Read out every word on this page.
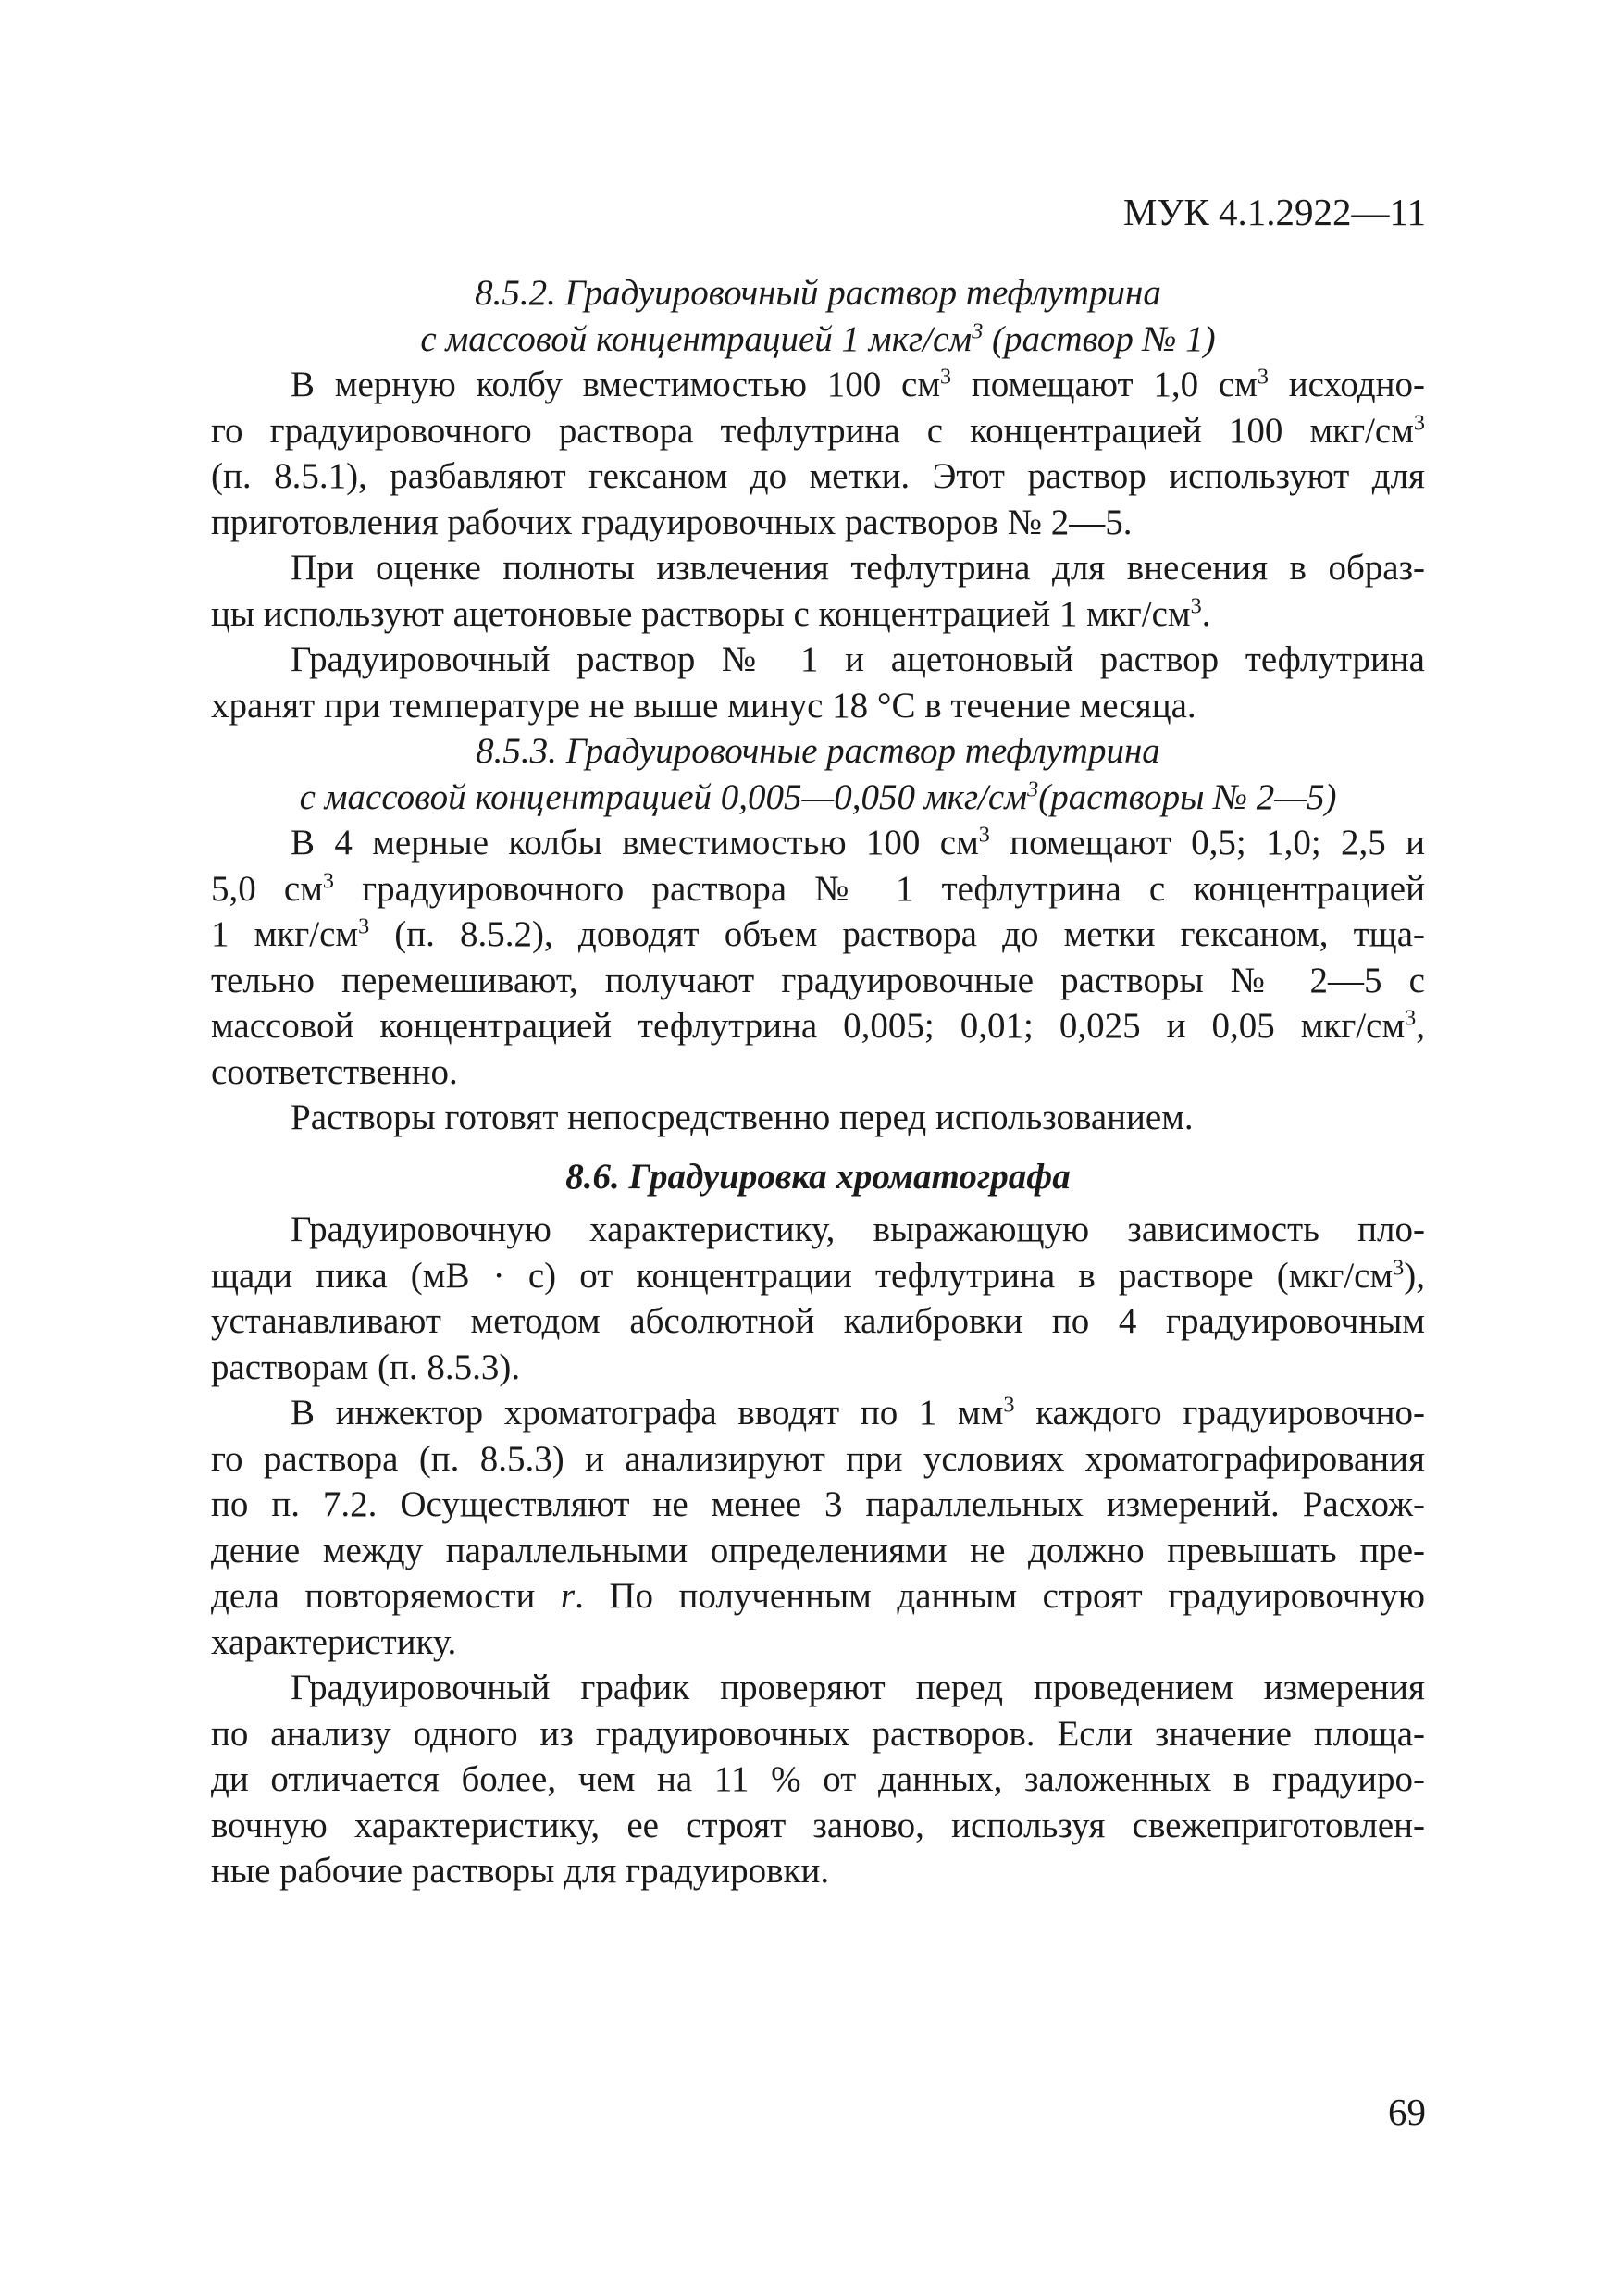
МУК 4.1.2922—11
8.5.2. Градуировочный раствор тефлутрина
с массовой концентрацией 1 мкг/$см^3$ (раствор № 1)
В мерную колбу вместимостью 100 $см^3$ помещают 1,0 $см^3$ исходно-
го градуировочного раствора тефлутрина с концентрацией 100 мкг/$см^3$
(п. 8.5.1), разбавляют гексаном до метки. Этот раствор используют для
приготовления рабочих градуировочных растворов № 2—5.
При оценке полноты извлечения тефлутрина для внесения в образ-
цы используют ацетоновые растворы с концентрацией 1 мкг/$см^3$.
Градуировочный раствор № 1 и ацетоновый раствор тефлутрина
хранят при температуре не выше минус 18 °С в течение месяца.
8.5.3. Градуировочные раствор тефлутрина
с массовой концентрацией 0,005—0,050 мкг/$см^3(растворы$ № 2—5)
В 4 мерные колбы вместимостью 100 $см^3$ помещают 0,5; 1,0; 2,5 и
5,0 $см^3$ градуировочного раствора № 1 тефлутрина с концентрацией
1 мкг/$см^3$ (п. 8.5.2), доводят объем раствора до метки гексаном, тща-
тельно перемешивают, получают градуировочные растворы № 2—5 с
массовой концентрацией тефлутрина 0,005; 0,01; 0,025 и 0,05 мкг/$см^3$,
соответственно.
Растворы готовят непосредственно перед использованием.
8.6. Градуировка хроматографа
Градуировочную характеристику, выражающую зависимость пло-
щади пика (мВ · с) от концентрации тефлутрина в растворе $(мкг/см^3)$,
устанавливают методом абсолютной калибровки по 4 градуировочным
растворам (п. 8.5.3).
В инжектор хроматографа вводят по 1 $мм^3$ каждого градуировочно-
го раствора (п. 8.5.3) и анализируют при условиях хроматографирования
по п. 7.2. Осуществляют не менее 3 параллельных измерений. Расхож-
дение между параллельными определениями не должно превышать пре-
дела повторяемости r. По полученным данным строят градуировочную
характеристику.
Градуировочный график проверяют перед проведением измерения
по анализу одного из градуировочных растворов. Если значение площа-
ди отличается более, чем на 11 % от данных, заложенных в градуиро-
вочную характеристику, ее строят заново, используя свежеприготовлен-
ные рабочие растворы для градуировки.
69
